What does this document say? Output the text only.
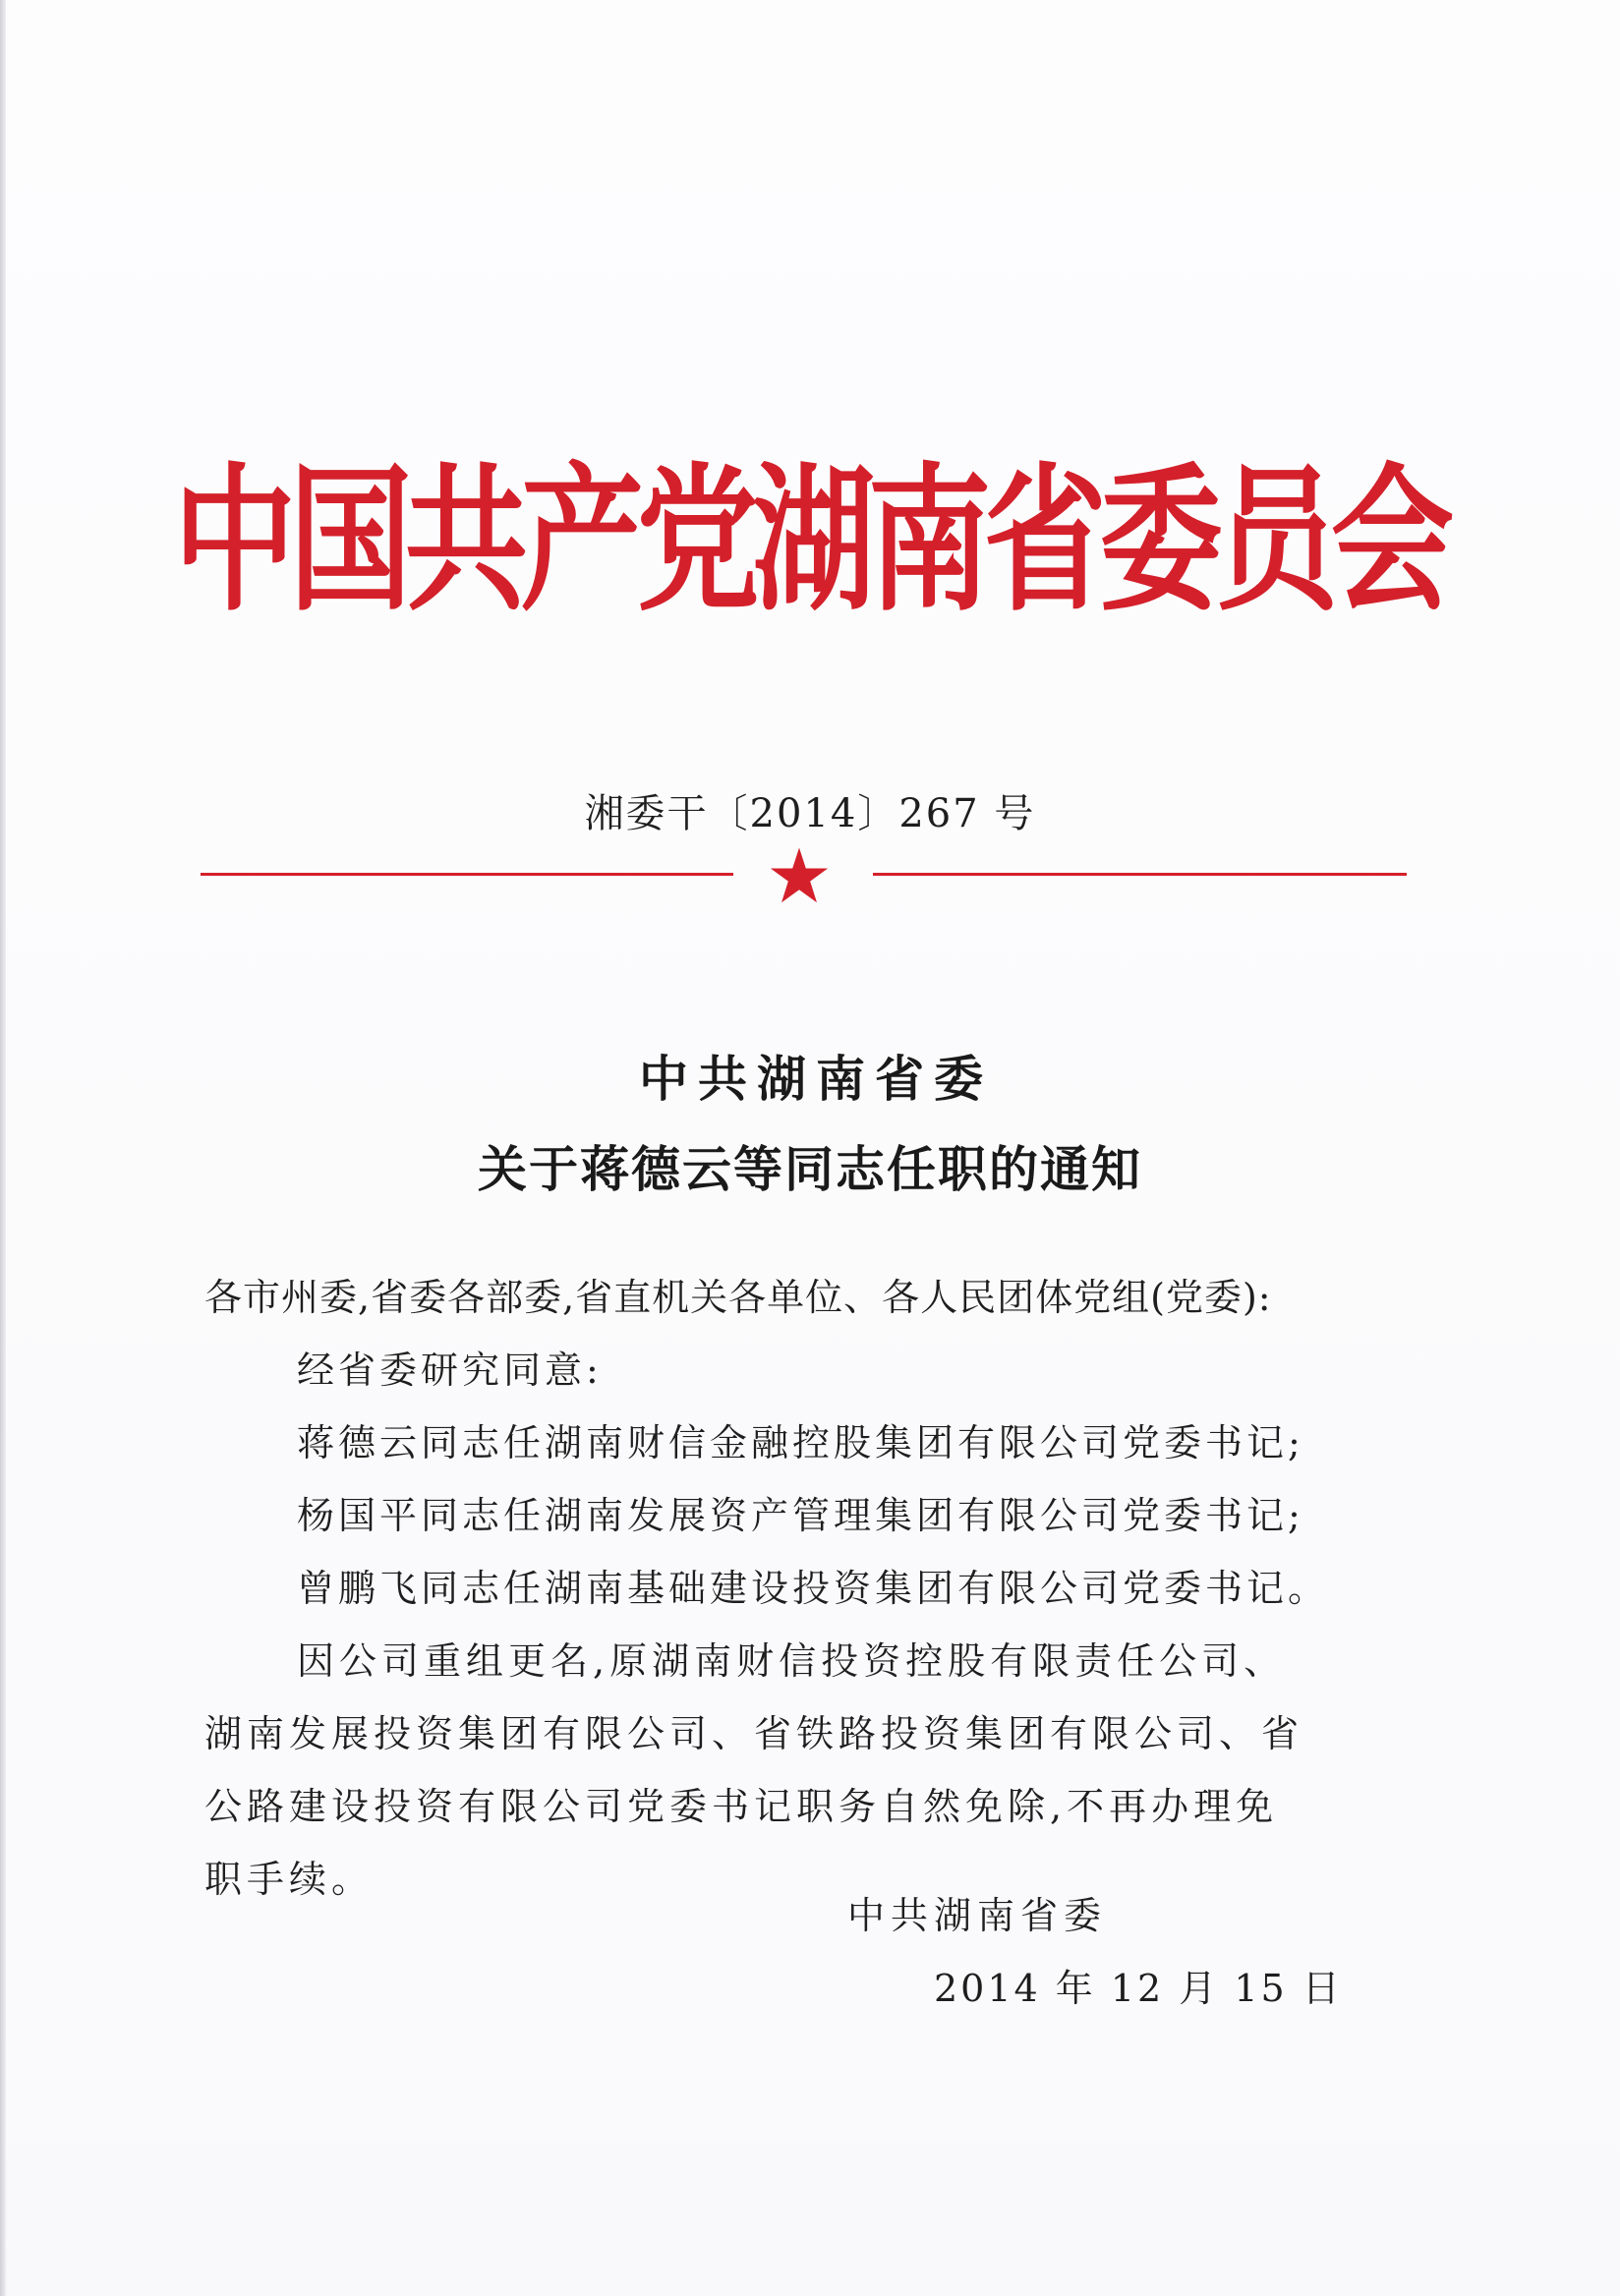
中国共产党湖南省委员会
湘委干〔2014〕267 号
中共湖南省委
关于蒋德云等同志任职的通知
各市州委,省委各部委,省直机关各单位、各人民团体党组(党委):
经省委研究同意:
蒋德云同志任湖南财信金融控股集团有限公司党委书记;
杨国平同志任湖南发展资产管理集团有限公司党委书记;
曾鹏飞同志任湖南基础建设投资集团有限公司党委书记。
因公司重组更名,原湖南财信投资控股有限责任公司、
湖南发展投资集团有限公司、省铁路投资集团有限公司、省
公路建设投资有限公司党委书记职务自然免除,不再办理免
职手续。
中共湖南省委
2014 年 12 月 15 日
